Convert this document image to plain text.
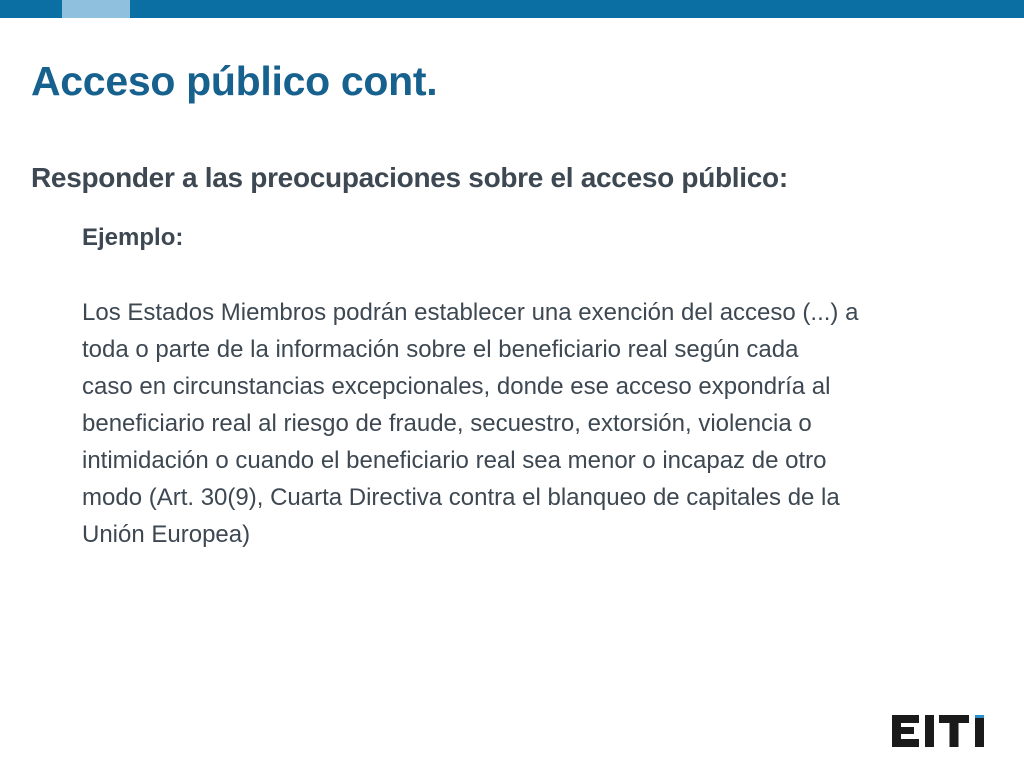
Acceso público cont.
Responder a las preocupaciones sobre el acceso público:

Ejemplo:

Los Estados Miembros podrán establecer una exención del acceso (...) a
toda o parte de la información sobre el beneficiario real según cada
caso en circunstancias excepcionales, donde ese acceso expondría al
beneficiario real al riesgo de fraude, secuestro, extorsión, violencia o
intimidación o cuando el beneficiario real sea menor o incapaz de otro
modo (Art. 30(9), Cuarta Directiva contra el blanqueo de capitales de la
Unión Europea)
